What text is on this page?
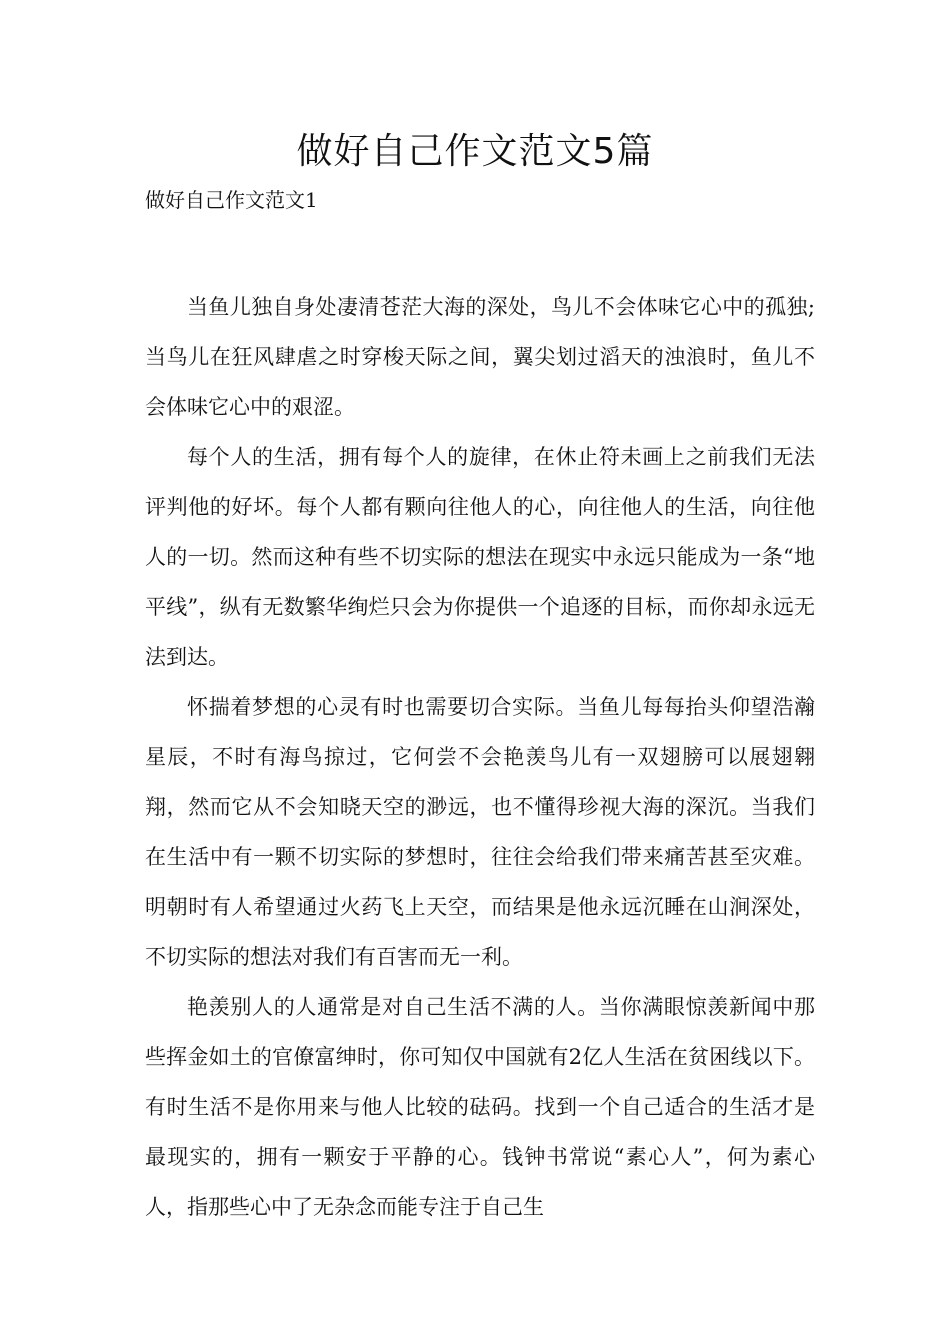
做好自己作文范文5篇

做好自己作文范文1

当鱼儿独自身处凄清苍茫大海的深处，鸟儿不会体味它心中的孤独;当鸟儿在狂风肆虐之时穿梭天际之间，翼尖划过滔天的浊浪时，鱼儿不会体味它心中的艰涩。

每个人的生活，拥有每个人的旋律，在休止符未画上之前我们无法评判他的好坏。每个人都有颗向往他人的心，向往他人的生活，向往他人的一切。然而这种有些不切实际的想法在现实中永远只能成为一条“地平线”，纵有无数繁华绚烂只会为你提供一个追逐的目标，而你却永远无法到达。

怀揣着梦想的心灵有时也需要切合实际。当鱼儿每每抬头仰望浩瀚星辰，不时有海鸟掠过，它何尝不会艳羡鸟儿有一双翅膀可以展翅翱翔，然而它从不会知晓天空的渺远，也不懂得珍视大海的深沉。当我们在生活中有一颗不切实际的梦想时，往往会给我们带来痛苦甚至灾难。明朝时有人希望通过火药飞上天空，而结果是他永远沉睡在山涧深处，不切实际的想法对我们有百害而无一利。

艳羡别人的人通常是对自己生活不满的人。当你满眼惊羡新闻中那些挥金如土的官僚富绅时，你可知仅中国就有2亿人生活在贫困线以下。有时生活不是你用来与他人比较的砝码。找到一个自己适合的生活才是最现实的，拥有一颗安于平静的心。钱钟书常说“素心人”，何为素心人，指那些心中了无杂念而能专注于自己生
